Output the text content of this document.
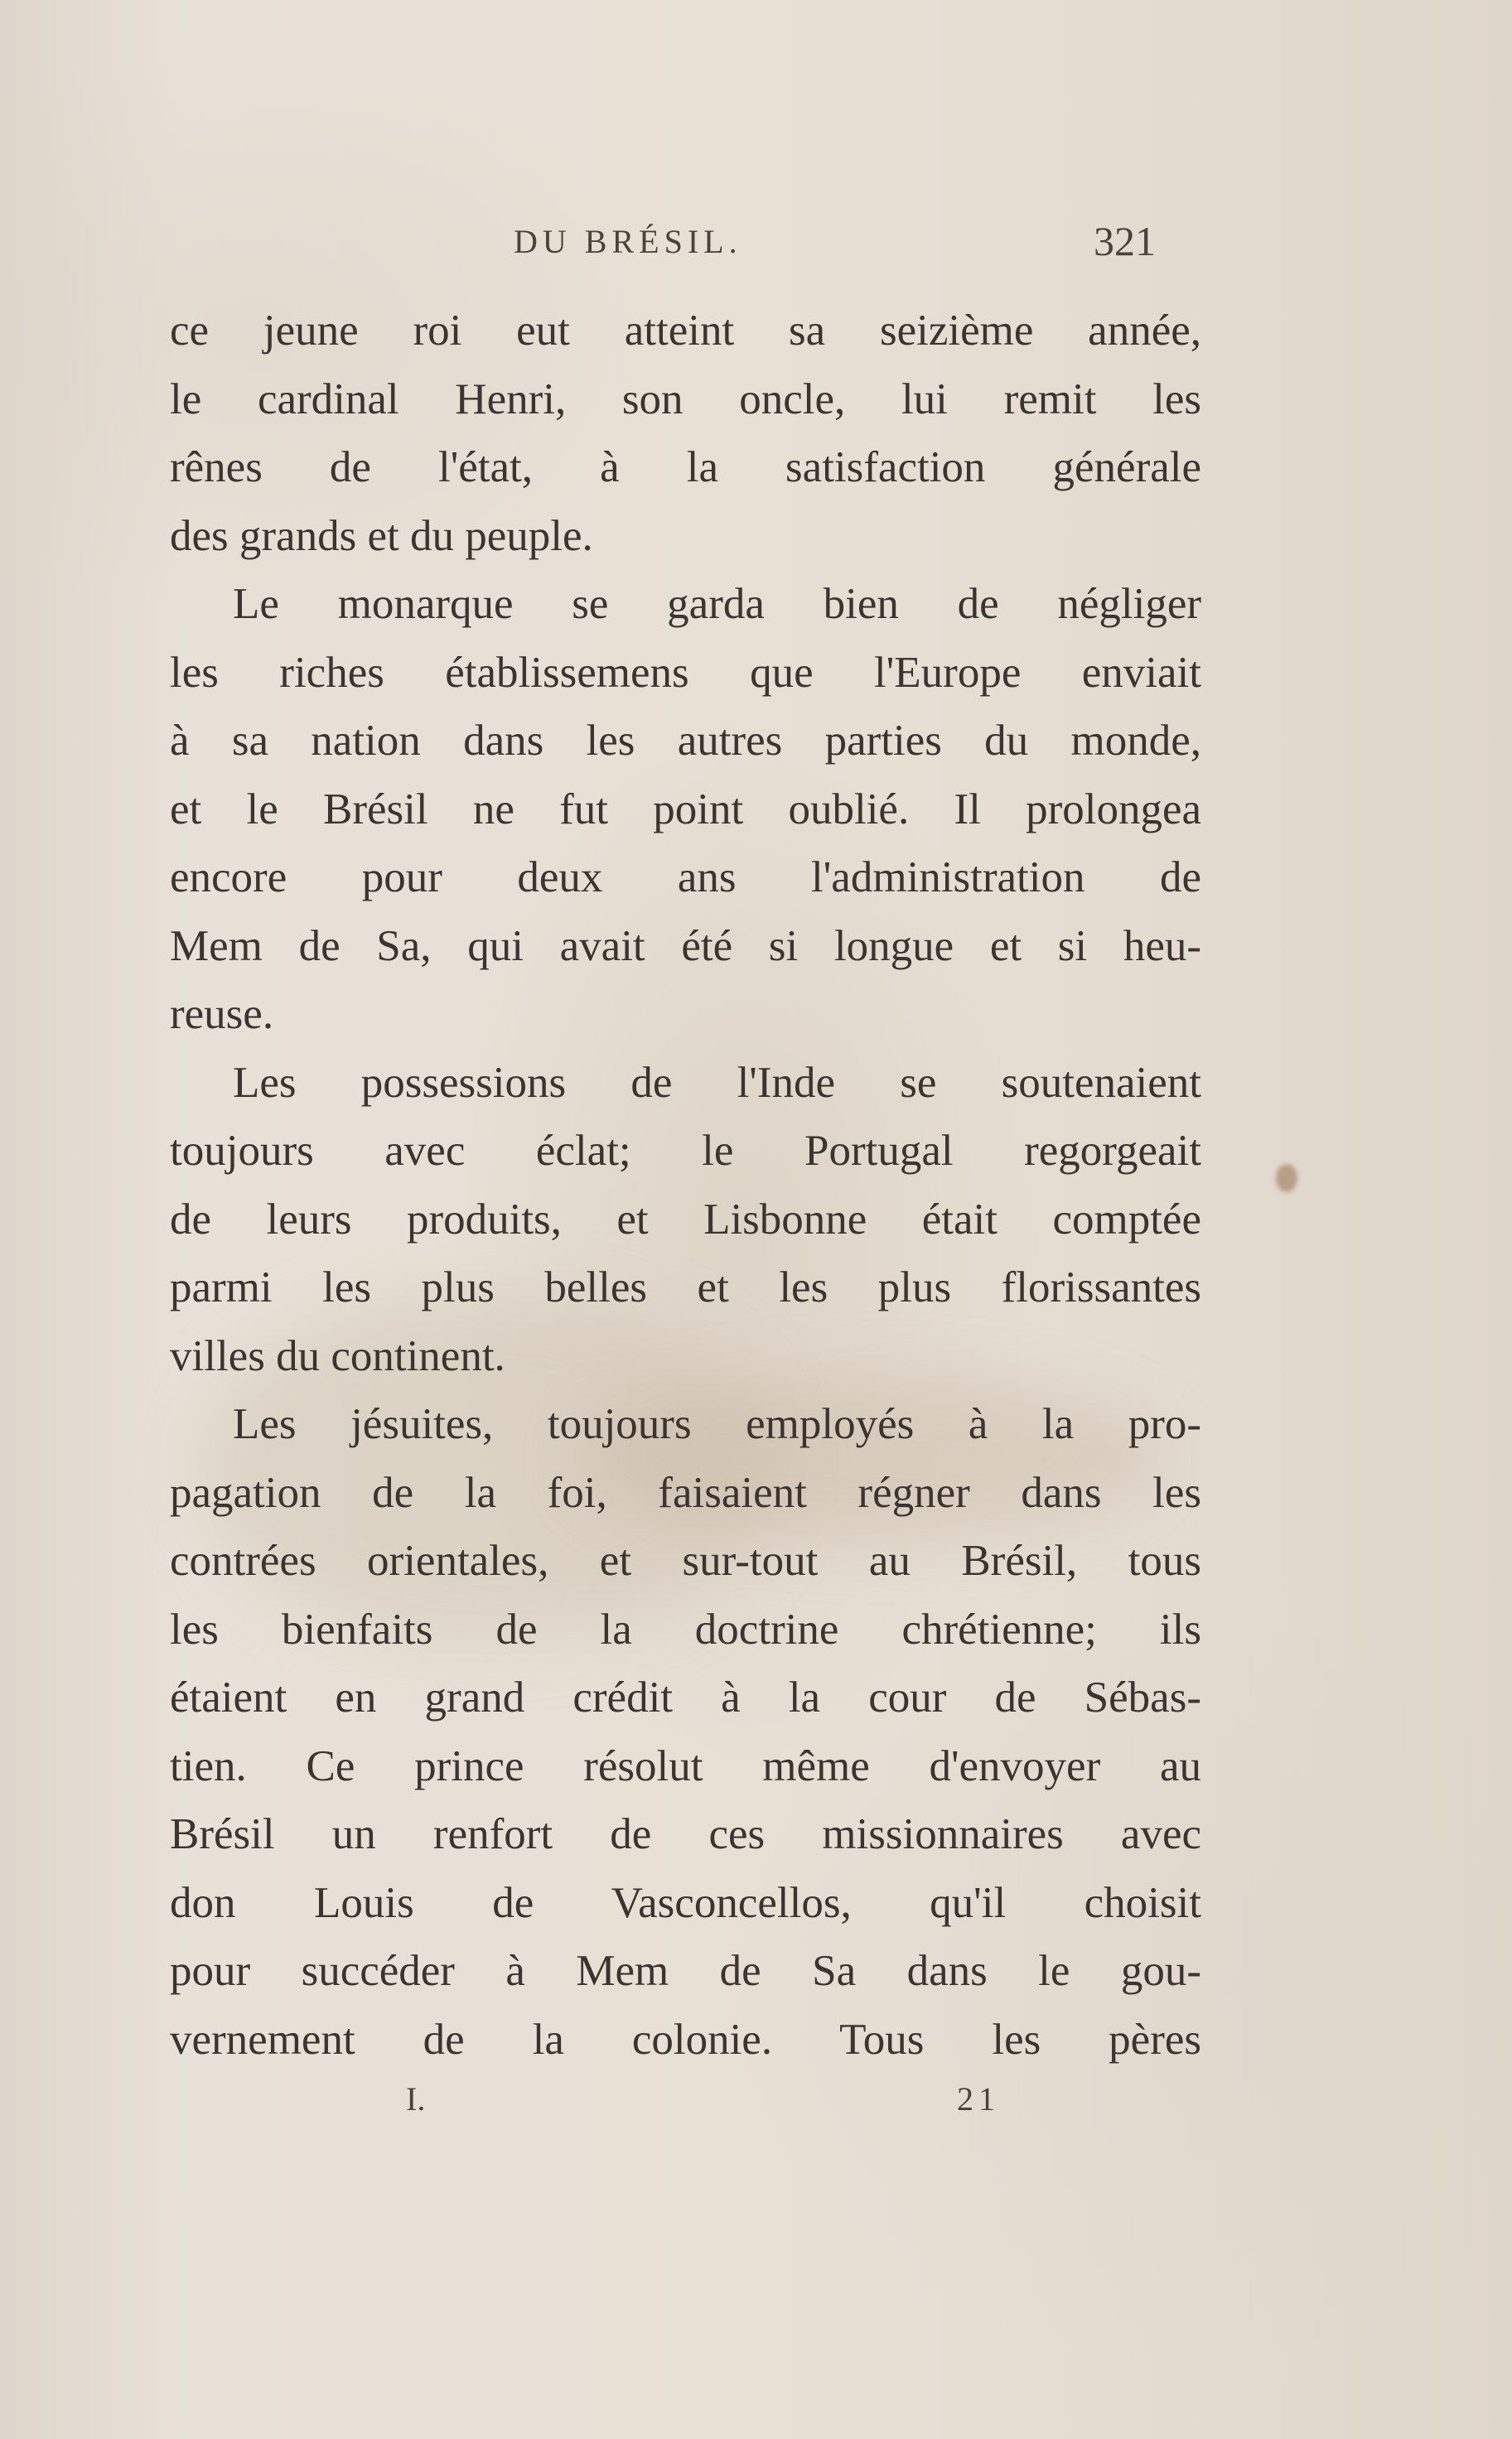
DU BRÉSIL.	321
ce jeune roi eut atteint sa seizième année,
le cardinal Henri, son oncle, lui remit les
rênes de l'état, à la satisfaction générale
des grands et du peuple.
Le monarque se garda bien de négliger
les riches établissemens que l'Europe enviait
à sa nation dans les autres parties du monde,
et le Brésil ne fut point oublié. Il prolongea
encore pour deux ans l'administration de
Mem de Sa, qui avait été si longue et si heu-
reuse.
Les possessions de l'Inde se soutenaient
toujours avec éclat; le Portugal regorgeait
de leurs produits, et Lisbonne était comptée
parmi les plus belles et les plus florissantes
villes du continent.
Les jésuites, toujours employés à la pro-
pagation de la foi, faisaient régner dans les
contrées orientales, et sur-tout au Brésil, tous
les bienfaits de la doctrine chrétienne; ils
étaient en grand crédit à la cour de Sébas-
tien. Ce prince résolut même d'envoyer au
Brésil un renfort de ces missionnaires avec
don Louis de Vasconcellos, qu'il choisit
pour succéder à Mem de Sa dans le gou-
vernement de la colonie. Tous les pères
I.	21
